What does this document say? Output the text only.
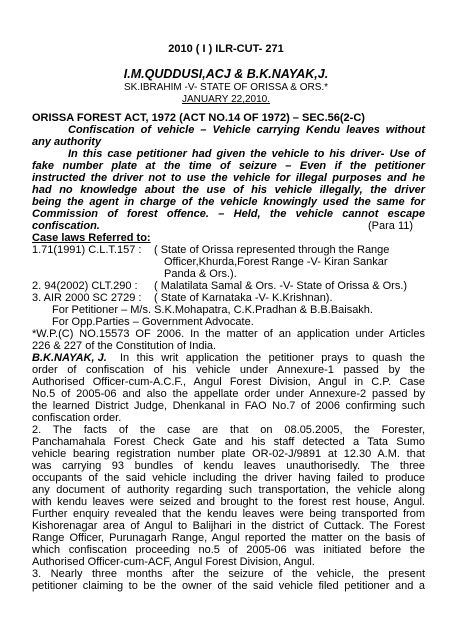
2010 ( I ) ILR-CUT- 271
I.M.QUDDUSI,ACJ & B.K.NAYAK,J.
SK.IBRAHIM -V- STATE OF ORISSA & ORS.*
JANUARY 22,2010.
ORISSA FOREST ACT, 1972 (ACT NO.14 OF 1972) – SEC.56(2-C)
Confiscation of vehicle – Vehicle carrying Kendu leaves without
any authority
In this case petitioner had given the vehicle to his driver- Use of
fake number plate at the time of seizure – Even if the petitioner
instructed the driver not to use the vehicle for illegal purposes and he
had no knowledge about the use of his vehicle illegally, the driver
being the agent in charge of the vehicle knowingly used the same for
Commission of forest offence. – Held, the vehicle cannot escape
confiscation.	(Para 11)
Case laws Referred to:
1.71(1991) C.L.T.157 : ( State of Orissa represented through the Range
Officer,Khurda,Forest Range -V- Kiran Sankar
Panda & Ors.).
2. 94(2002) CLT.290 : ( Malatilata Samal & Ors. -V- State of Orissa & Ors.)
3. AIR 2000 SC 2729 : ( State of Karnataka -V- K.Krishnan).
For Petitioner – M/s. S.K.Mohapatra, C.K.Pradhan & B.B.Baisakh.
For Opp.Parties – Government Advocate.
*W.P.(C) NO.15573 OF 2006. In the matter of an application under Articles
226 & 227 of the Constitution of India.
B.K.NAYAK, J. In this writ application the petitioner prays to quash the
order of confiscation of his vehicle under Annexure-1 passed by the
Authorised Officer-cum-A.C.F., Angul Forest Division, Angul in C.P. Case
No.5 of 2005-06 and also the appellate order under Annexure-2 passed by
the learned District Judge, Dhenkanal in FAO No.7 of 2006 confirming such
confiscation order.
2. The facts of the case are that on 08.05.2005, the Forester,
Panchamahala Forest Check Gate and his staff detected a Tata Sumo
vehicle bearing registration number plate OR-02-J/9891 at 12.30 A.M. that
was carrying 93 bundles of kendu leaves unauthorisedly. The three
occupants of the said vehicle including the driver having failed to produce
any document of authority regarding such transportation, the vehicle along
with kendu leaves were seized and brought to the forest rest house, Angul.
Further enquiry revealed that the kendu leaves were being transported from
Kishorenagar area of Angul to Balijhari in the district of Cuttack. The Forest
Range Officer, Purunagarh Range, Angul reported the matter on the basis of
which confiscation proceeding no.5 of 2005-06 was initiated before the
Authorised Officer-cum-ACF, Angul Forest Division, Angul.
3. Nearly three months after the seizure of the vehicle, the present
petitioner claiming to be the owner of the said vehicle filed petitioner and a
